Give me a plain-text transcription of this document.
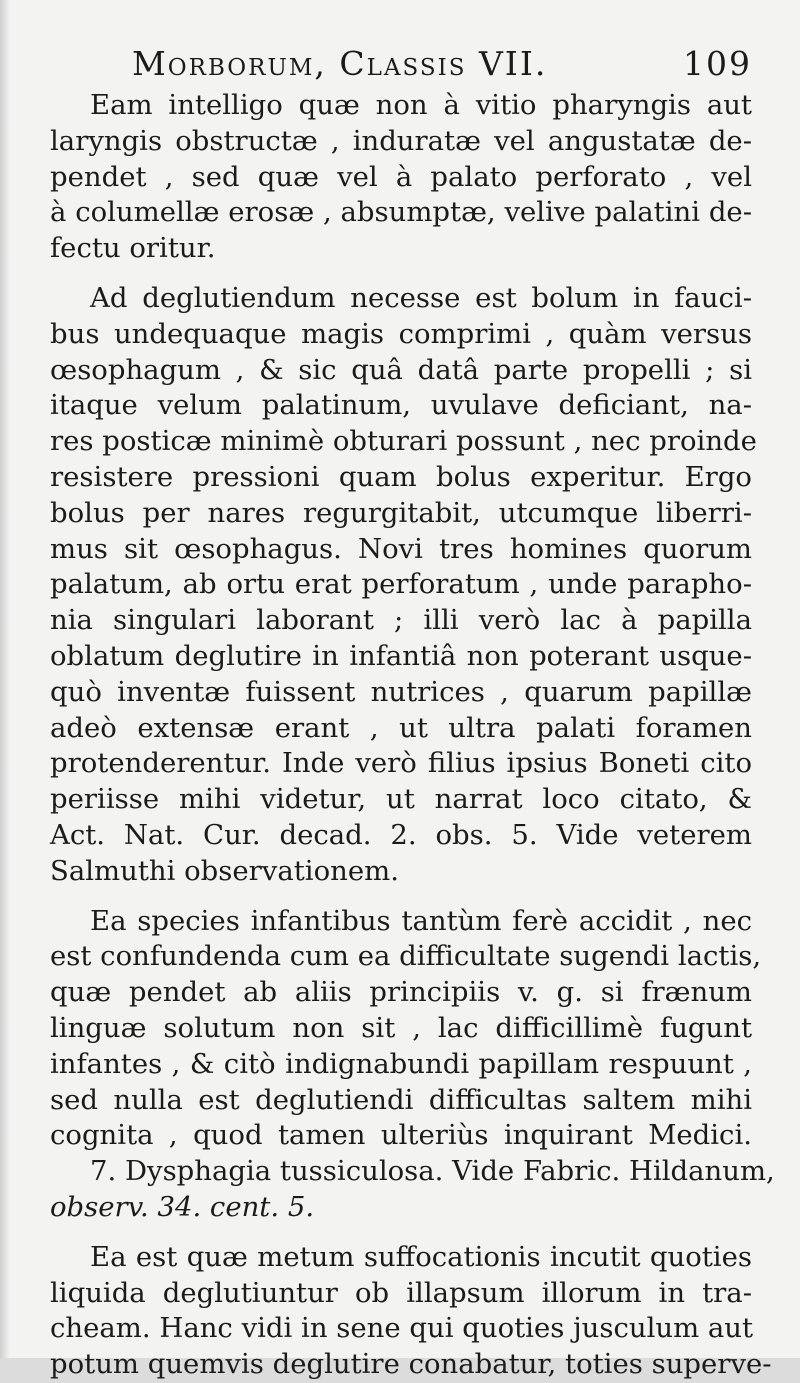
Morborum, Classis VII.	109
Eam intelligo quæ non à vitio pharyngis aut
laryngis obstructæ , induratæ vel angustatæ de-
pendet , sed quæ vel à palato perforato , vel
à columellæ erosæ , absumptæ, velive palatini de-
fectu oritur.
Ad deglutiendum necesse est bolum in fauci-
bus undequaque magis comprimi , quàm versus
œsophagum , & sic quâ datâ parte propelli ; si
itaque velum palatinum, uvulave deficiant, na-
res posticæ minimè obturari possunt , nec proinde
resistere pressioni quam bolus experitur. Ergo
bolus per nares regurgitabit, utcumque liberri-
mus sit œsophagus. Novi tres homines quorum
palatum, ab ortu erat perforatum , unde parapho-
nia singulari laborant ; illi verò lac à papilla
oblatum deglutire in infantiâ non poterant usque-
quò inventæ fuissent nutrices , quarum papillæ
adeò extensæ erant , ut ultra palati foramen
protenderentur. Inde verò filius ipsius Boneti cito
periisse mihi videtur, ut narrat loco citato, &
Act. Nat. Cur. decad. 2. obs. 5. Vide veterem
Salmuthi observationem.
Ea species infantibus tantùm ferè accidit , nec
est confundenda cum ea difficultate sugendi lactis,
quæ pendet ab aliis principiis v. g. si frænum
linguæ solutum non sit , lac difficillimè fugunt
infantes , & citò indignabundi papillam respuunt ,
sed nulla est deglutiendi difficultas saltem mihi
cognita , quod tamen ulteriùs inquirant Medici.
7. Dysphagia tussiculosa. Vide Fabric. Hildanum,
observ. 34. cent. 5.
Ea est quæ metum suffocationis incutit quoties
liquida deglutiuntur ob illapsum illorum in tra-
cheam. Hanc vidi in sene qui quoties jusculum aut
potum quemvis deglutire conabatur, toties superve-
